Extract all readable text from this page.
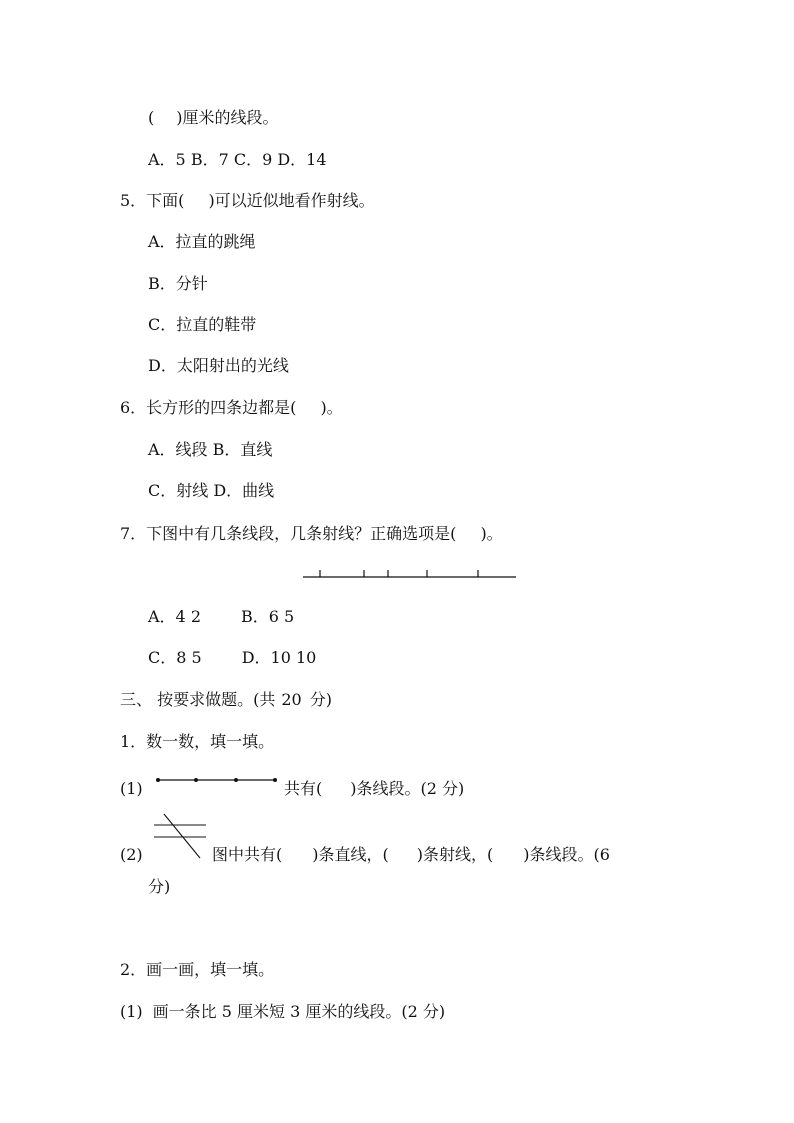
( )厘米的线段。
A．5 B．7 C．9 D．14
5．下面( )可以近似地看作射线。
A．拉直的跳绳
B．分针
C．拉直的鞋带
D．太阳射出的光线
6．长方形的四条边都是( )。
A．线段 B．直线
C．射线 D．曲线
7．下图中有几条线段，几条射线？正确选项是( )。
A．4 2	B．6 5
C．8 5	D．10 10
三、 按要求做题。(共 20 分)
1．数一数，填一填。
(1)	共有( )条线段。(2 分)
(2)	图中共有( )条直线，( )条射线，( )条线段。(6
分)
2．画一画，填一填。
(1) 画一条比 5 厘米短 3 厘米的线段。(2 分)
